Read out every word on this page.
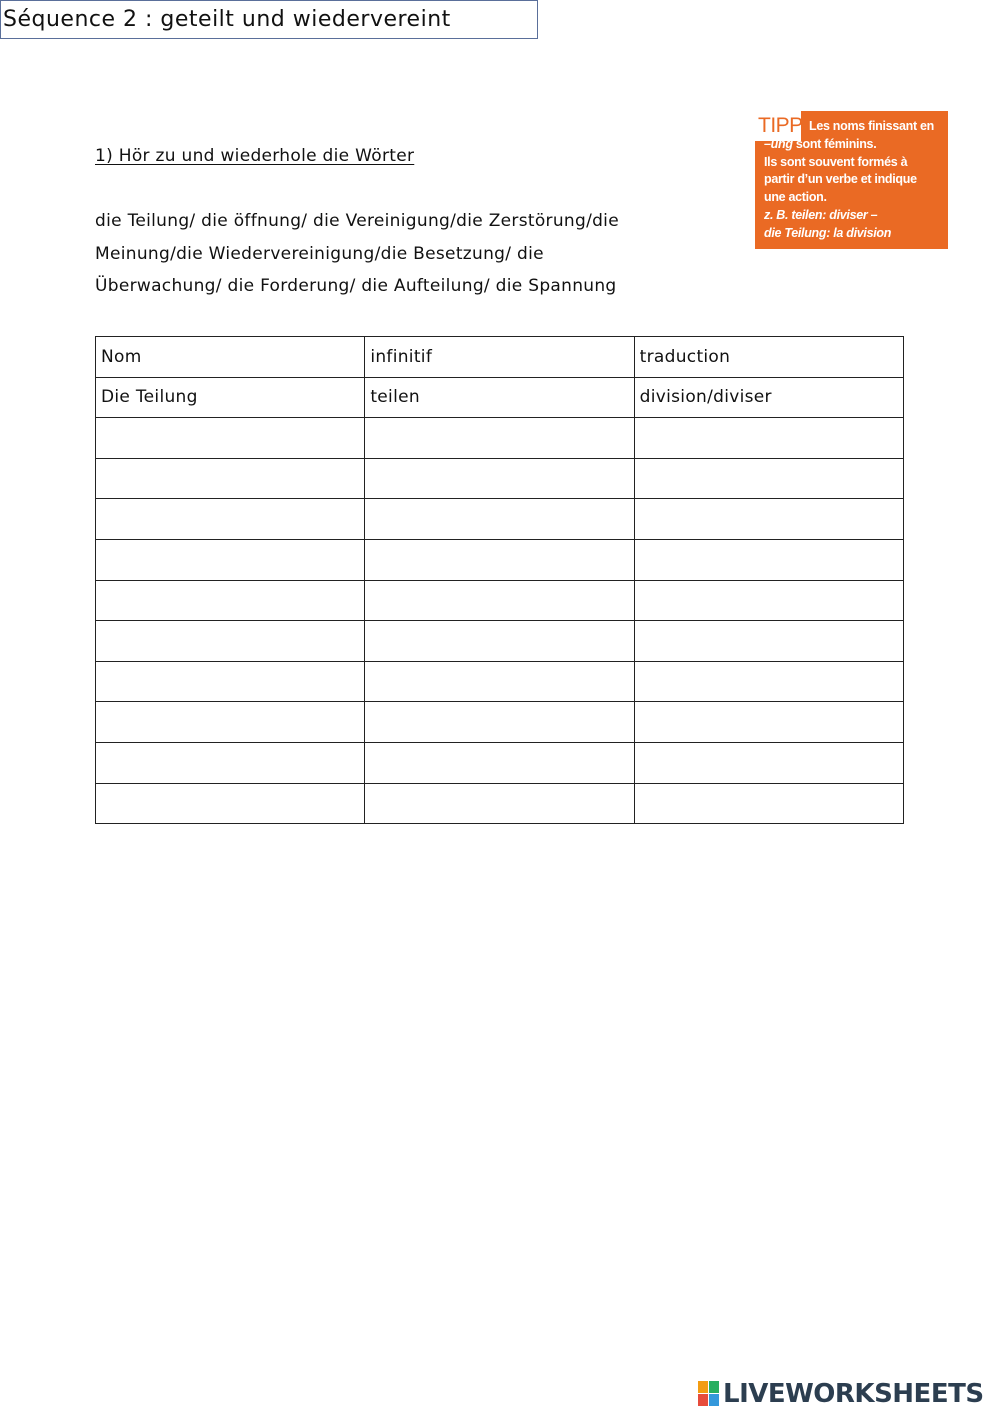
Séquence 2 : geteilt und wiedervereint
1) Hör zu und wiederhole die Wörter
die Teilung/ die öffnung/ die Vereinigung/die Zerstörung/die
Meinung/die Wiedervereinigung/die Besetzung/ die
Überwachung/ die Forderung/ die Aufteilung/ die Spannung
TIPP Les noms finissant en
–ung sont féminins.
Ils sont souvent formés à
partir d’un verbe et indique
une action.
z. B. teilen: diviser –
die Teilung: la division
Nom	infinitif	traduction
Die Teilung	teilen	division/diviser

LIVEWORKSHEETS
